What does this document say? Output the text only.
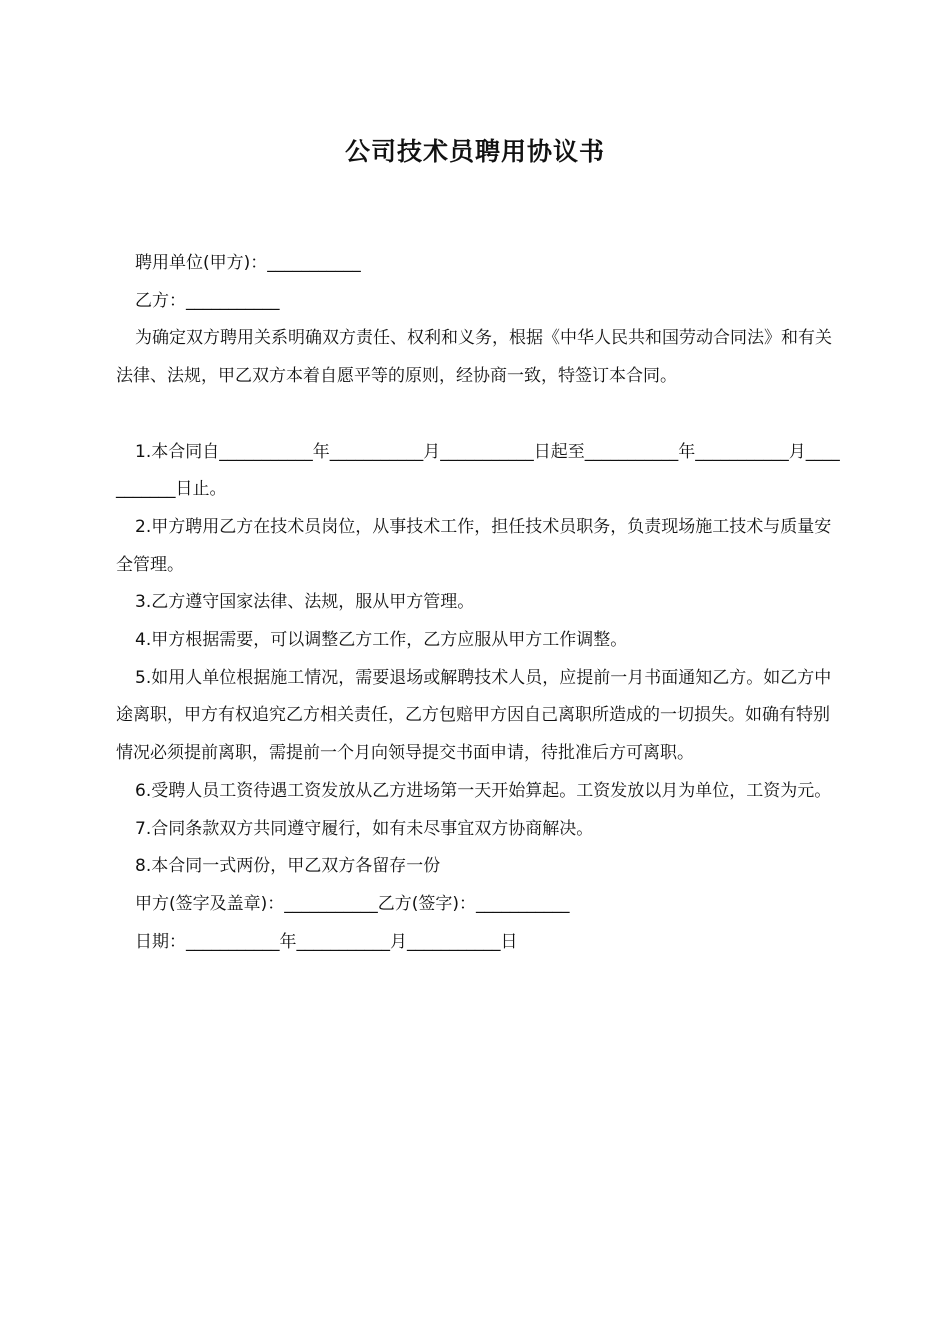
公司技术员聘用协议书

聘用单位(甲方)：___________

乙方：___________

为确定双方聘用关系明确双方责任、权利和义务，根据《中华人民共和国劳动合同法》和有关法律、法规，甲乙双方本着自愿平等的原则，经协商一致，特签订本合同。

1.本合同自___________年___________月___________日起至___________年___________月___________日止。

2.甲方聘用乙方在技术员岗位，从事技术工作，担任技术员职务，负责现场施工技术与质量安全管理。

3.乙方遵守国家法律、法规，服从甲方管理。

4.甲方根据需要，可以调整乙方工作，乙方应服从甲方工作调整。

5.如用人单位根据施工情况，需要退场或解聘技术人员，应提前一月书面通知乙方。如乙方中途离职，甲方有权追究乙方相关责任，乙方包赔甲方因自己离职所造成的一切损失。如确有特别情况必须提前离职，需提前一个月向领导提交书面申请，待批准后方可离职。

6.受聘人员工资待遇工资发放从乙方进场第一天开始算起。工资发放以月为单位，工资为元。

7.合同条款双方共同遵守履行，如有未尽事宜双方协商解决。

8.本合同一式两份，甲乙双方各留存一份

甲方(签字及盖章)：___________乙方(签字)：___________

日期：___________年___________月___________日
